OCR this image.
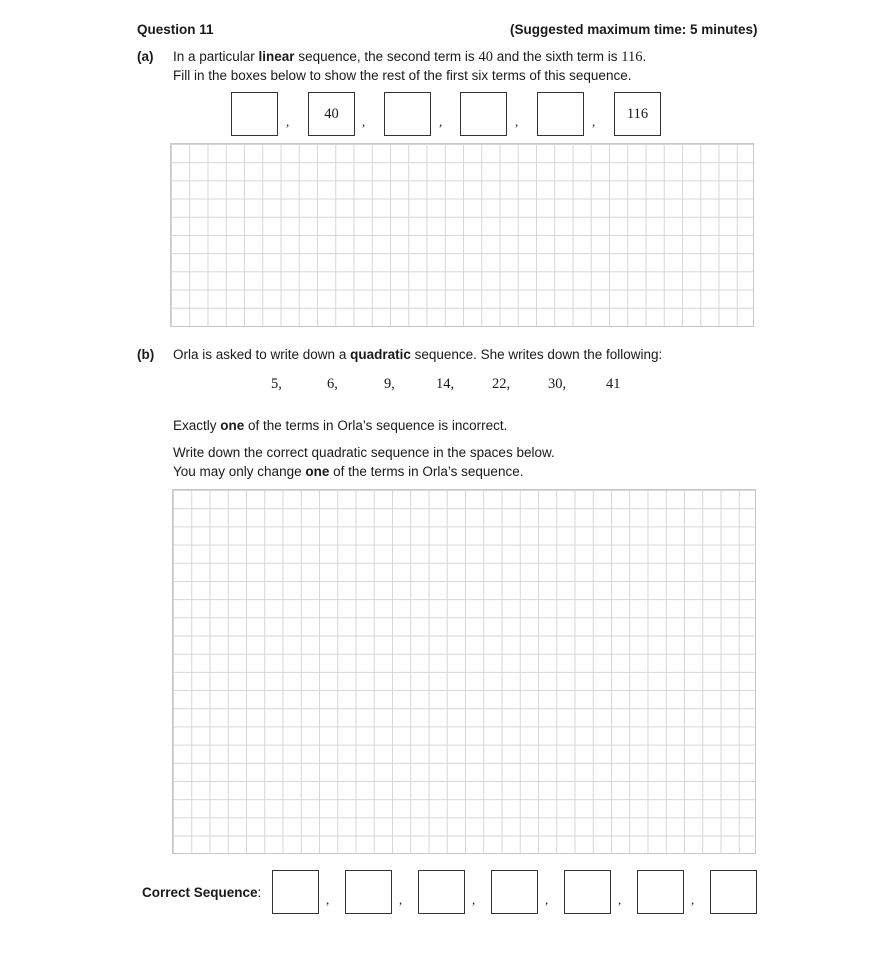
Question 11	(Suggested maximum time: 5 minutes)
(a) In a particular linear sequence, the second term is 40 and the sixth term is 116.
Fill in the boxes below to show the rest of the first six terms of this sequence.
,	40	,	,	,	,	116
(b) Orla is asked to write down a quadratic sequence. She writes down the following:
5,	6,	9,	14,	22,	30,	41
Exactly one of the terms in Orla’s sequence is incorrect.
Write down the correct quadratic sequence in the spaces below.
You may only change one of the terms in Orla’s sequence.
Correct Sequence:	,	,	,	,	,	,
